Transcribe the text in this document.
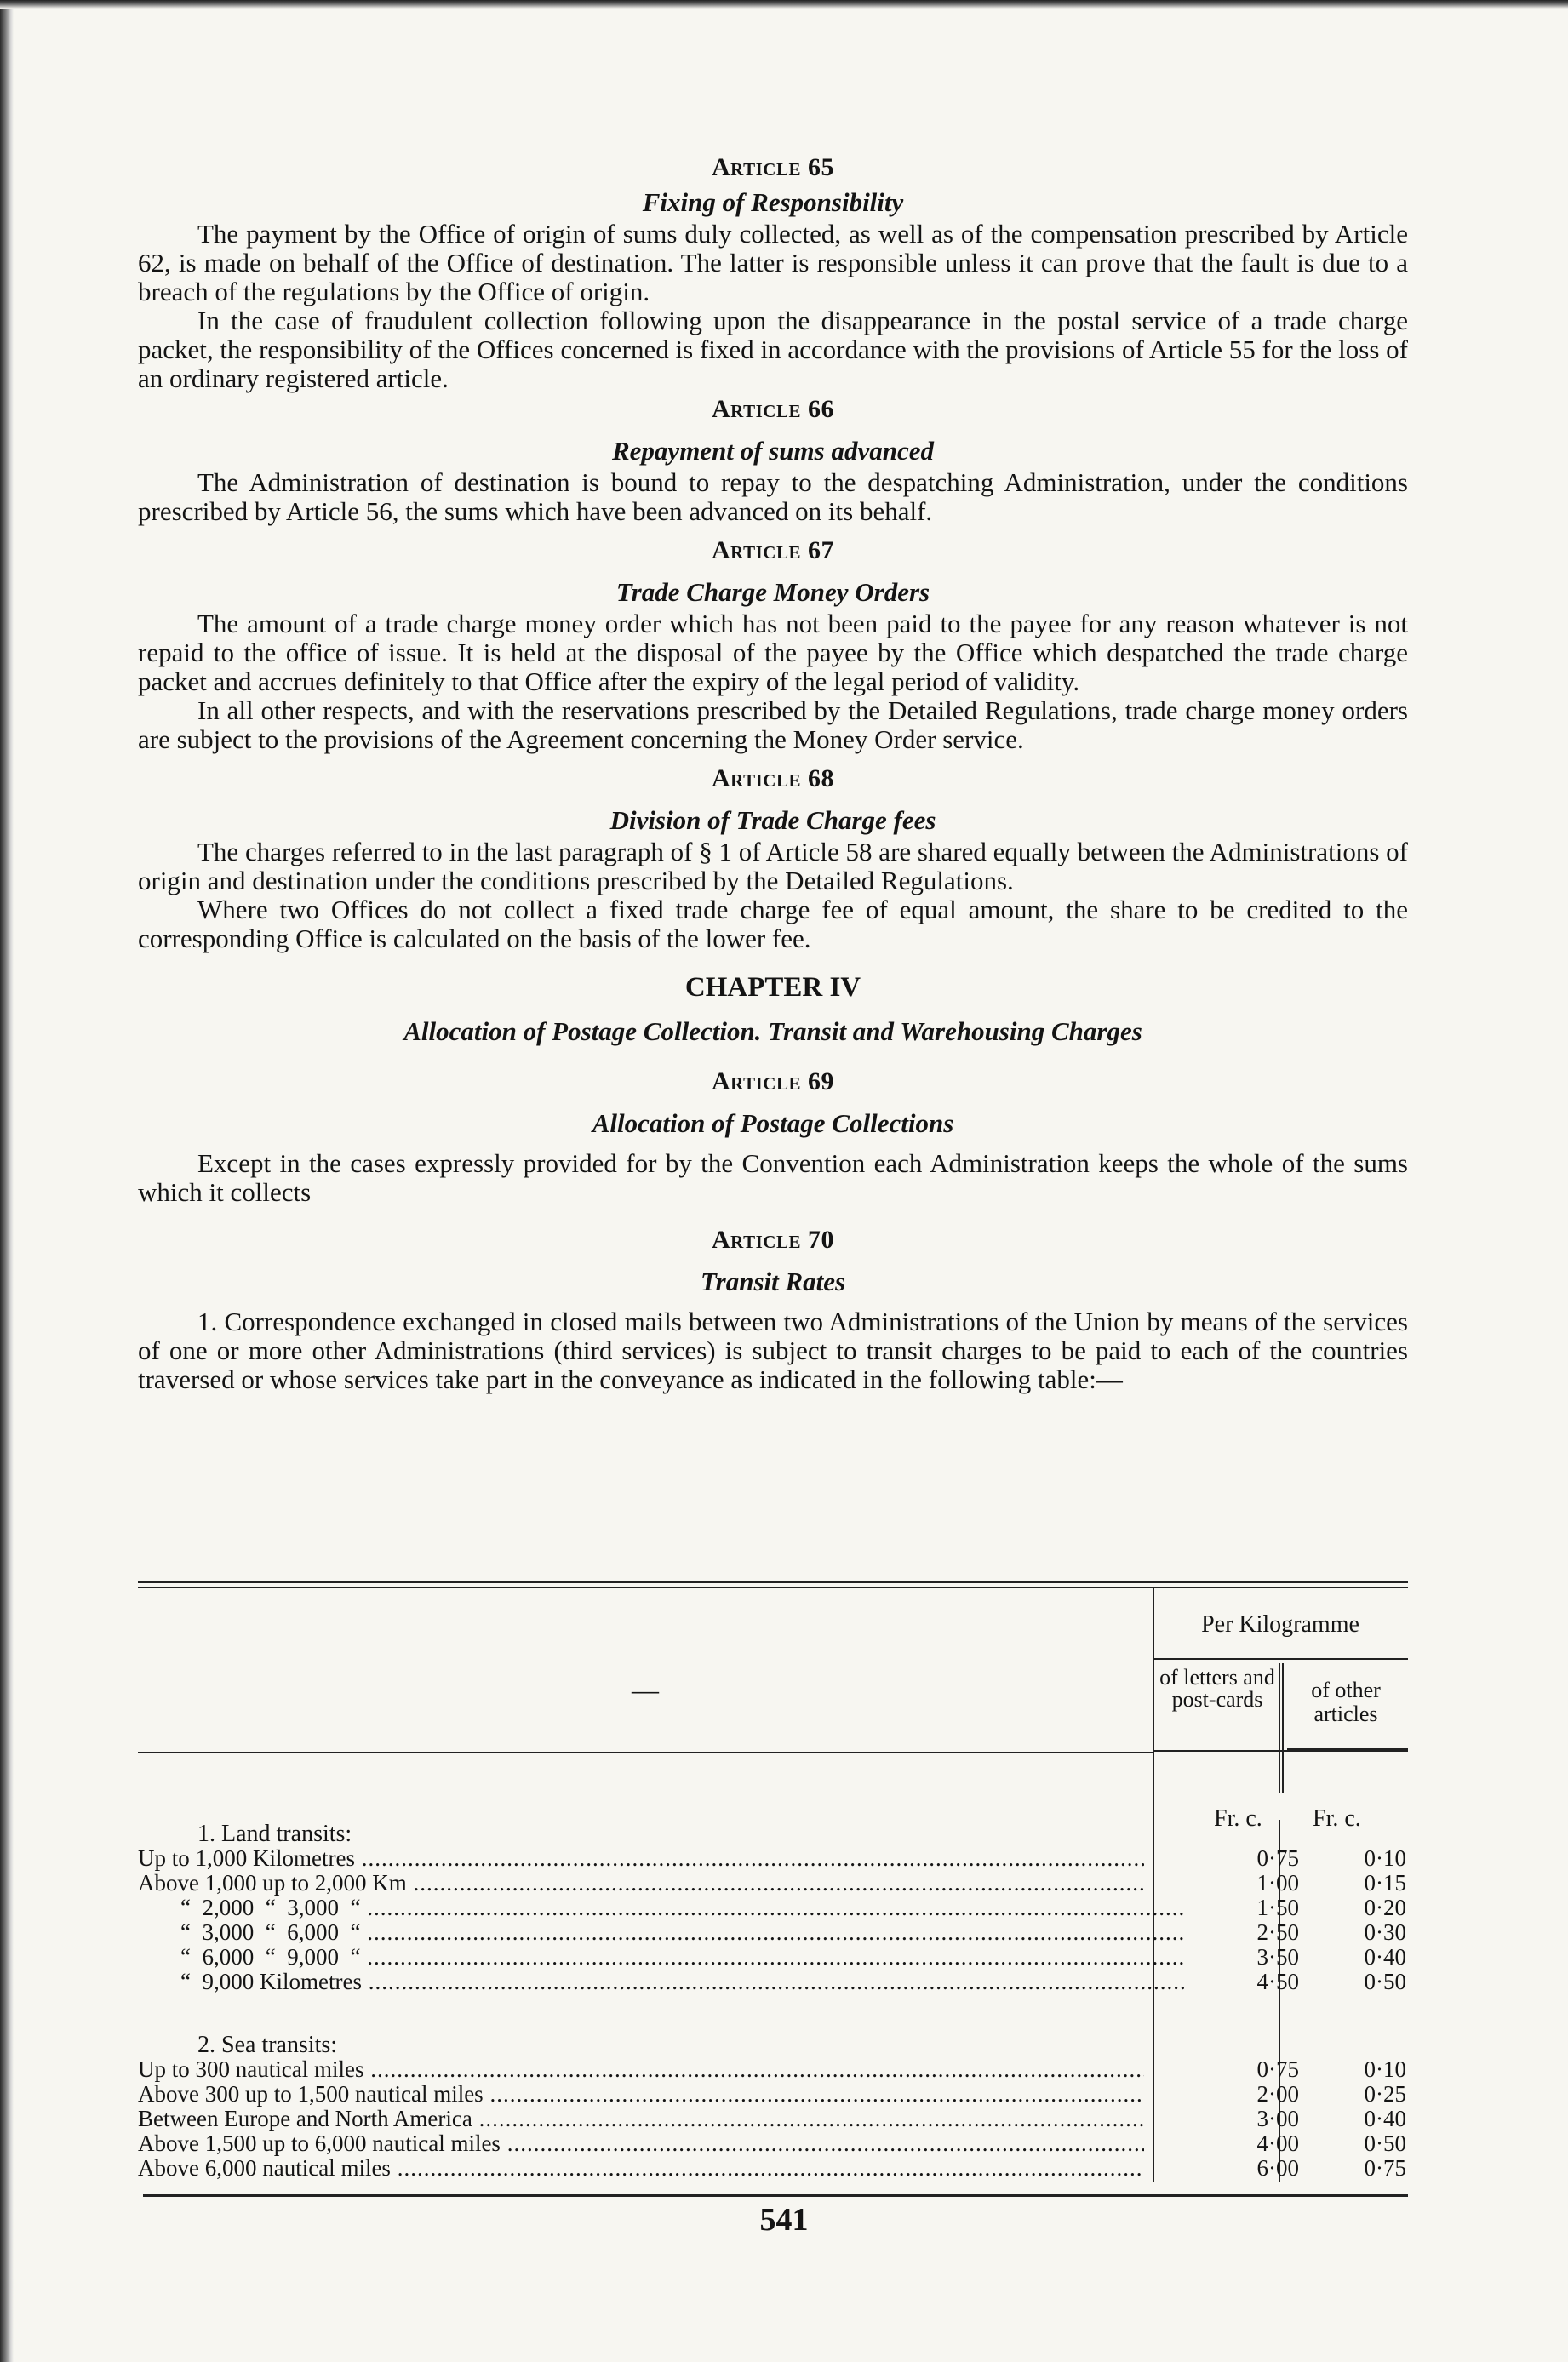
Article 65
Fixing of Responsibility

The payment by the Office of origin of sums duly collected, as well as of the compensation prescribed by Article 62, is made on behalf of the Office of destination. The latter is responsible unless it can prove that the fault is due to a breach of the regulations by the Office of origin.

In the case of fraudulent collection following upon the disappearance in the postal service of a trade charge packet, the responsibility of the Offices concerned is fixed in accordance with the provisions of Article 55 for the loss of an ordinary registered article.

Article 66
Repayment of sums advanced

The Administration of destination is bound to repay to the despatching Administration, under the conditions prescribed by Article 56, the sums which have been advanced on its behalf.

Article 67
Trade Charge Money Orders

The amount of a trade charge money order which has not been paid to the payee for any reason whatever is not repaid to the office of issue. It is held at the disposal of the payee by the Office which despatched the trade charge packet and accrues definitely to that Office after the expiry of the legal period of validity.

In all other respects, and with the reservations prescribed by the Detailed Regulations, trade charge money orders are subject to the provisions of the Agreement concerning the Money Order service.

Article 68
Division of Trade Charge fees

The charges referred to in the last paragraph of § 1 of Article 58 are shared equally between the Administrations of origin and destination under the conditions prescribed by the Detailed Regulations.

Where two Offices do not collect a fixed trade charge fee of equal amount, the share to be credited to the corresponding Office is calculated on the basis of the lower fee.

CHAPTER IV
Allocation of Postage Collection. Transit and Warehousing Charges
Article 69
Allocation of Postage Collections

Except in the cases expressly provided for by the Convention each Administration keeps the whole of the sums which it collects

Article 70
Transit Rates

1. Correspondence exchanged in closed mails between two Administrations of the Union by means of the services of one or more other Administrations (third services) is subject to transit charges to be paid to each of the countries traversed or whose services take part in the conveyance as indicated in the following table:—

—
Per Kilogramme
of letters and post-cards	of other articles
1. Land transits:
Fr. c. Fr. c.
Up to 1,000 Kilometres .....	0·75	0·10
Above 1,000 up to 2,000 Km .....	1·00	0·15
“  2,000  “  3,000  “ .....	1·50	0·20
“  3,000  “  6,000  “ .....	2·50	0·30
“  6,000  “  9,000  “ .....	3·50	0·40
“  9,000 Kilometres .....	4·50	0·50
2. Sea transits:
Up to 300 nautical miles .....	0·75	0·10
Above 300 up to 1,500 nautical miles .....	2·00	0·25
Between Europe and North America .....	3·00	0·40
Above 1,500 up to 6,000 nautical miles .....	4·00	0·50
Above 6,000 nautical miles .....	6·00	0·75
541
